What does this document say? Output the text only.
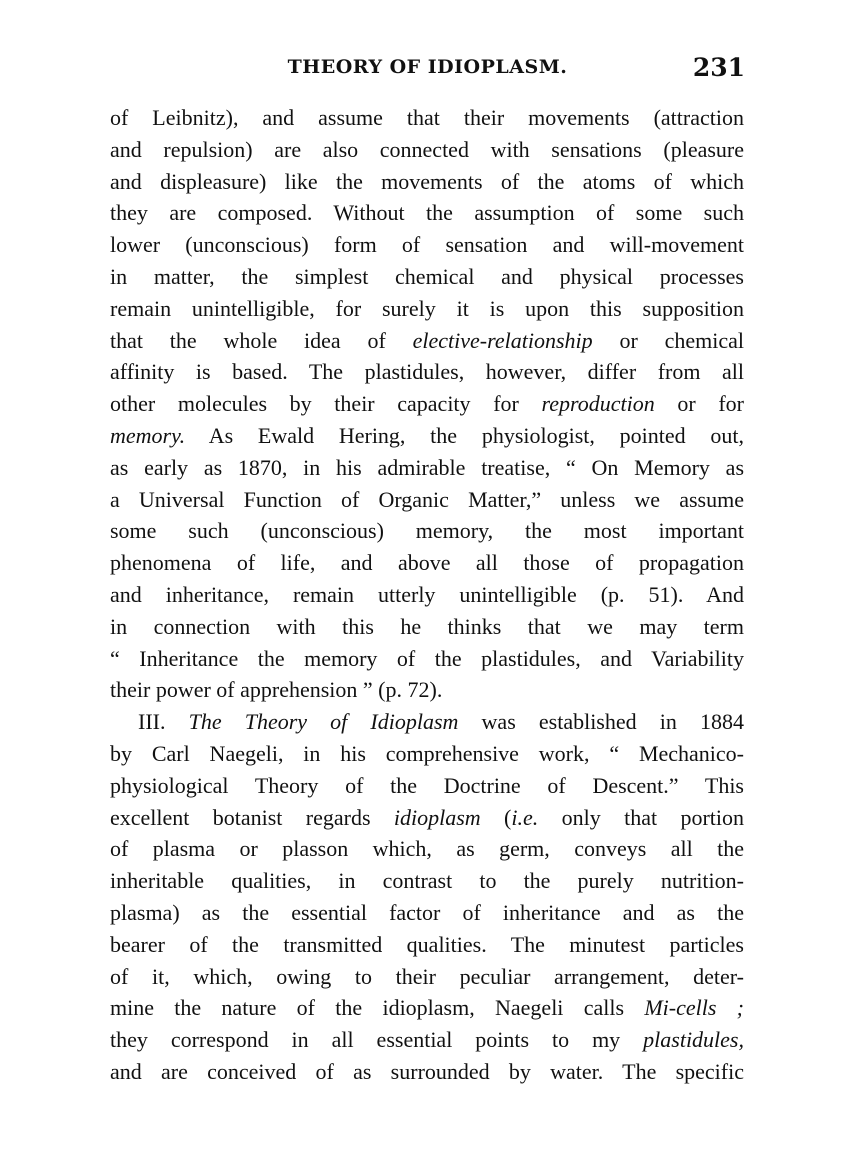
THEORY OF IDIOPLASM.	231
of Leibnitz), and assume that their movements (attraction
and repulsion) are also connected with sensations (pleasure
and displeasure) like the movements of the atoms of which
they are composed. Without the assumption of some such
lower (unconscious) form of sensation and will-movement
in matter, the simplest chemical and physical processes
remain unintelligible, for surely it is upon this supposition
that the whole idea of elective-relationship or chemical
affinity is based. The plastidules, however, differ from all
other molecules by their capacity for reproduction or for
memory. As Ewald Hering, the physiologist, pointed out,
as early as 1870, in his admirable treatise, “ On Memory as
a Universal Function of Organic Matter,” unless we assume
some such (unconscious) memory, the most important
phenomena of life, and above all those of propagation
and inheritance, remain utterly unintelligible (p. 51). And
in connection with this he thinks that we may term
“ Inheritance the memory of the plastidules, and Variability
their power of apprehension ” (p. 72).
III. The Theory of Idioplasm was established in 1884
by Carl Naegeli, in his comprehensive work, “ Mechanico-
physiological Theory of the Doctrine of Descent.” This
excellent botanist regards idioplasm (i.e. only that portion
of plasma or plasson which, as germ, conveys all the
inheritable qualities, in contrast to the purely nutrition-
plasma) as the essential factor of inheritance and as the
bearer of the transmitted qualities. The minutest particles
of it, which, owing to their peculiar arrangement, deter-
mine the nature of the idioplasm, Naegeli calls Mi-cells ;
they correspond in all essential points to my plastidules,
and are conceived of as surrounded by water. The specific
